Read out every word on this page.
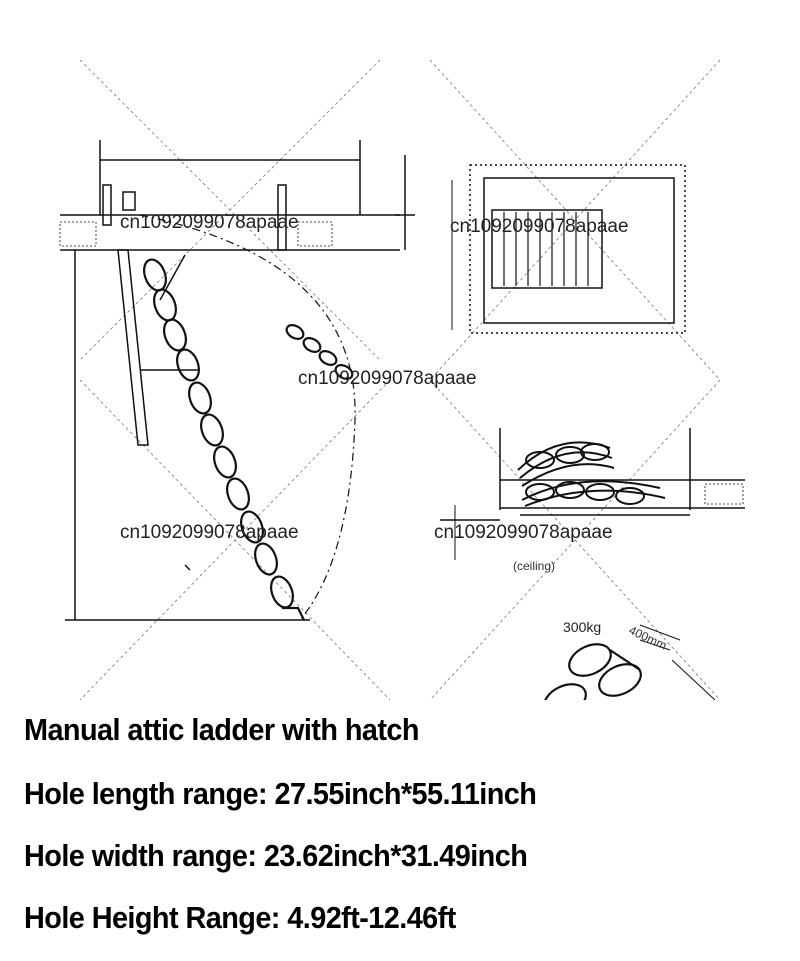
(ceiling)
300kg 400mm
cn1092099078apaae	cn1092099078apaae
cn1092099078apaae
cn1092099078apaae	cn1092099078apaae

Manual attic ladder with hatch

Hole length range: 27.55inch*55.11inch

Hole width range: 23.62inch*31.49inch

Hole Height Range: 4.92ft-12.46ft
